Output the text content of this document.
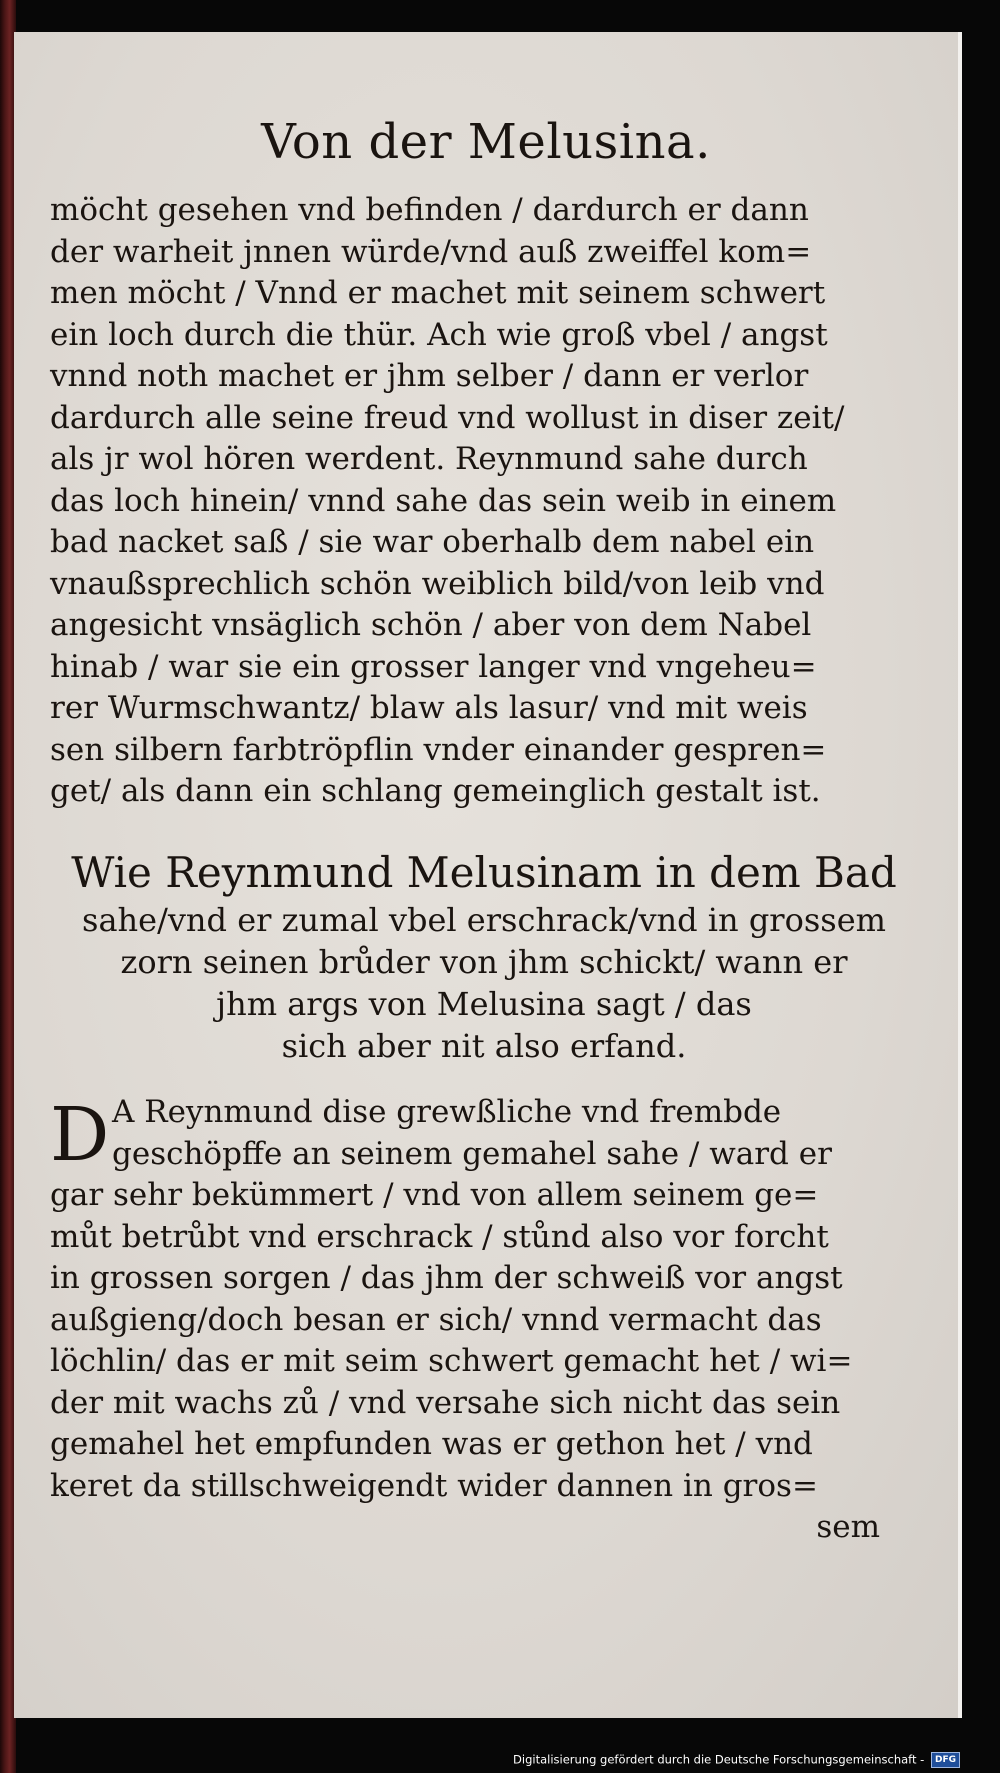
Von der Melusina.
möcht gesehen vnd befinden / dardurch er dann
der warheit jnnen würde/vnd auß zweiffel kom=
men möcht / Vnnd er machet mit seinem schwert
ein loch durch die thür. Ach wie groß vbel / angst
vnnd noth machet er jhm selber / dann er verlor
dardurch alle seine freud vnd wollust in diser zeit/
als jr wol hören werdent. Reynmund sahe durch
das loch hinein/ vnnd sahe das sein weib in einem
bad nacket saß / sie war oberhalb dem nabel ein
vnaußsprechlich schön weiblich bild/von leib vnd
angesicht vnsäglich schön / aber von dem Nabel
hinab / war sie ein grosser langer vnd vngeheu=
rer Wurmschwantz/ blaw als lasur/ vnd mit weis
sen silbern farbtröpflin vnder einander gespren=
get/ als dann ein schlang gemeinglich gestalt ist.
Wie Reynmund Melusinam in dem Bad
sahe/vnd er zumal vbel erschrack/vnd in grossem
zorn seinen brůder von jhm schickt/ wann er
jhm args von Melusina sagt / das
sich aber nit also erfand.
D A Reynmund dise grewßliche vnd frembde
geschöpffe an seinem gemahel sahe / ward er
gar sehr bekümmert / vnd von allem seinem ge=
můt betrůbt vnd erschrack / stůnd also vor forcht
in grossen sorgen / das jhm der schweiß vor angst
außgieng/doch besan er sich/ vnnd vermacht das
löchlin/ das er mit seim schwert gemacht het / wi=
der mit wachs zů / vnd versahe sich nicht das sein
gemahel het empfunden was er gethon het / vnd
keret da stillschweigendt wider dannen in gros=
sem
Digitalisierung gefördert durch die Deutsche Forschungsgemeinschaft - DFG
